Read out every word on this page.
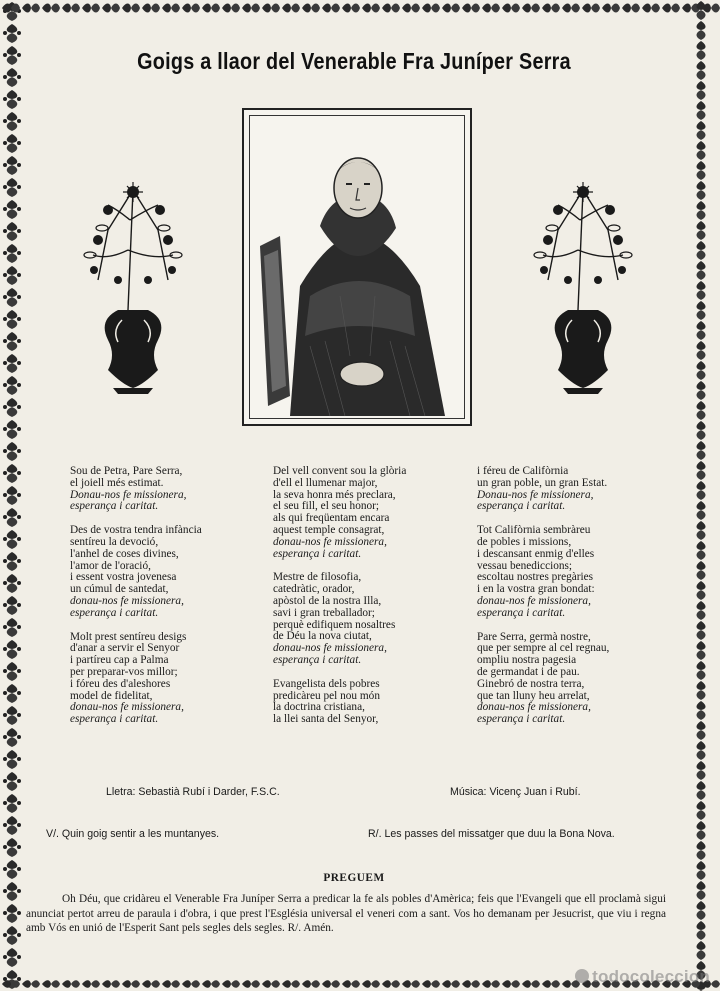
Goigs a llaor del Venerable Fra Juníper Serra
Sou de Petra, Pare Serra,
el joiell més estimat.
Donau-nos fe missionera,
esperança i caritat.
Des de vostra tendra infància
sentíreu la devoció,
l'anhel de coses divines,
l'amor de l'oració,
i essent vostra jovenesa
un cúmul de santedat,
donau-nos fe missionera,
esperança i caritat.
Molt prest sentíreu desigs
d'anar a servir el Senyor
i partíreu cap a Palma
per preparar-vos millor;
i fóreu des d'aleshores
model de fidelitat,
donau-nos fe missionera,
esperança i caritat.
Del vell convent sou la glòria
d'ell el llumenar major,
la seva honra més preclara,
el seu fill, el seu honor;
als qui freqüentam encara
aquest temple consagrat,
donau-nos fe missionera,
esperança i caritat.
Mestre de filosofia,
catedràtic, orador,
apòstol de la nostra Illa,
savi i gran treballador;
perquè edifiquem nosaltres
de Déu la nova ciutat,
donau-nos fe missionera,
esperança i caritat.
Evangelista dels pobres
predicàreu pel nou món
la doctrina cristiana,
la llei santa del Senyor,
i féreu de Califòrnia
un gran poble, un gran Estat.
Donau-nos fe missionera,
esperança i caritat.
Tot Califòrnia sembràreu
de pobles i missions,
i descansant enmig d'elles
vessau benediccions;
escoltau nostres pregàries
i en la vostra gran bondat:
donau-nos fe missionera,
esperança i caritat.
Pare Serra, germà nostre,
que per sempre al cel regnau,
ompliu nostra pagesia
de germandat i de pau.
Ginebró de nostra terra,
que tan lluny heu arrelat,
donau-nos fe missionera,
esperança i caritat.
Lletra: Sebastià Rubí i Darder, F.S.C.	Música: Vicenç Juan i Rubí.
V/. Quin goig sentir a les muntanyes.	R/. Les passes del missatger que duu la Bona Nova.
PREGUEM

Oh Déu, que cridàreu el Venerable Fra Juníper Serra a predicar la fe als pobles d'Amèrica; feis que l'Evangeli que ell proclamà sigui anunciat pertot arreu de paraula i d'obra, i que prest l'Església universal el veneri com a sant. Vos ho demanam per Jesucrist, que viu i regna amb Vós en unió de l'Esperit Sant pels segles dels segles. R/. Amén.

todocoleccion
